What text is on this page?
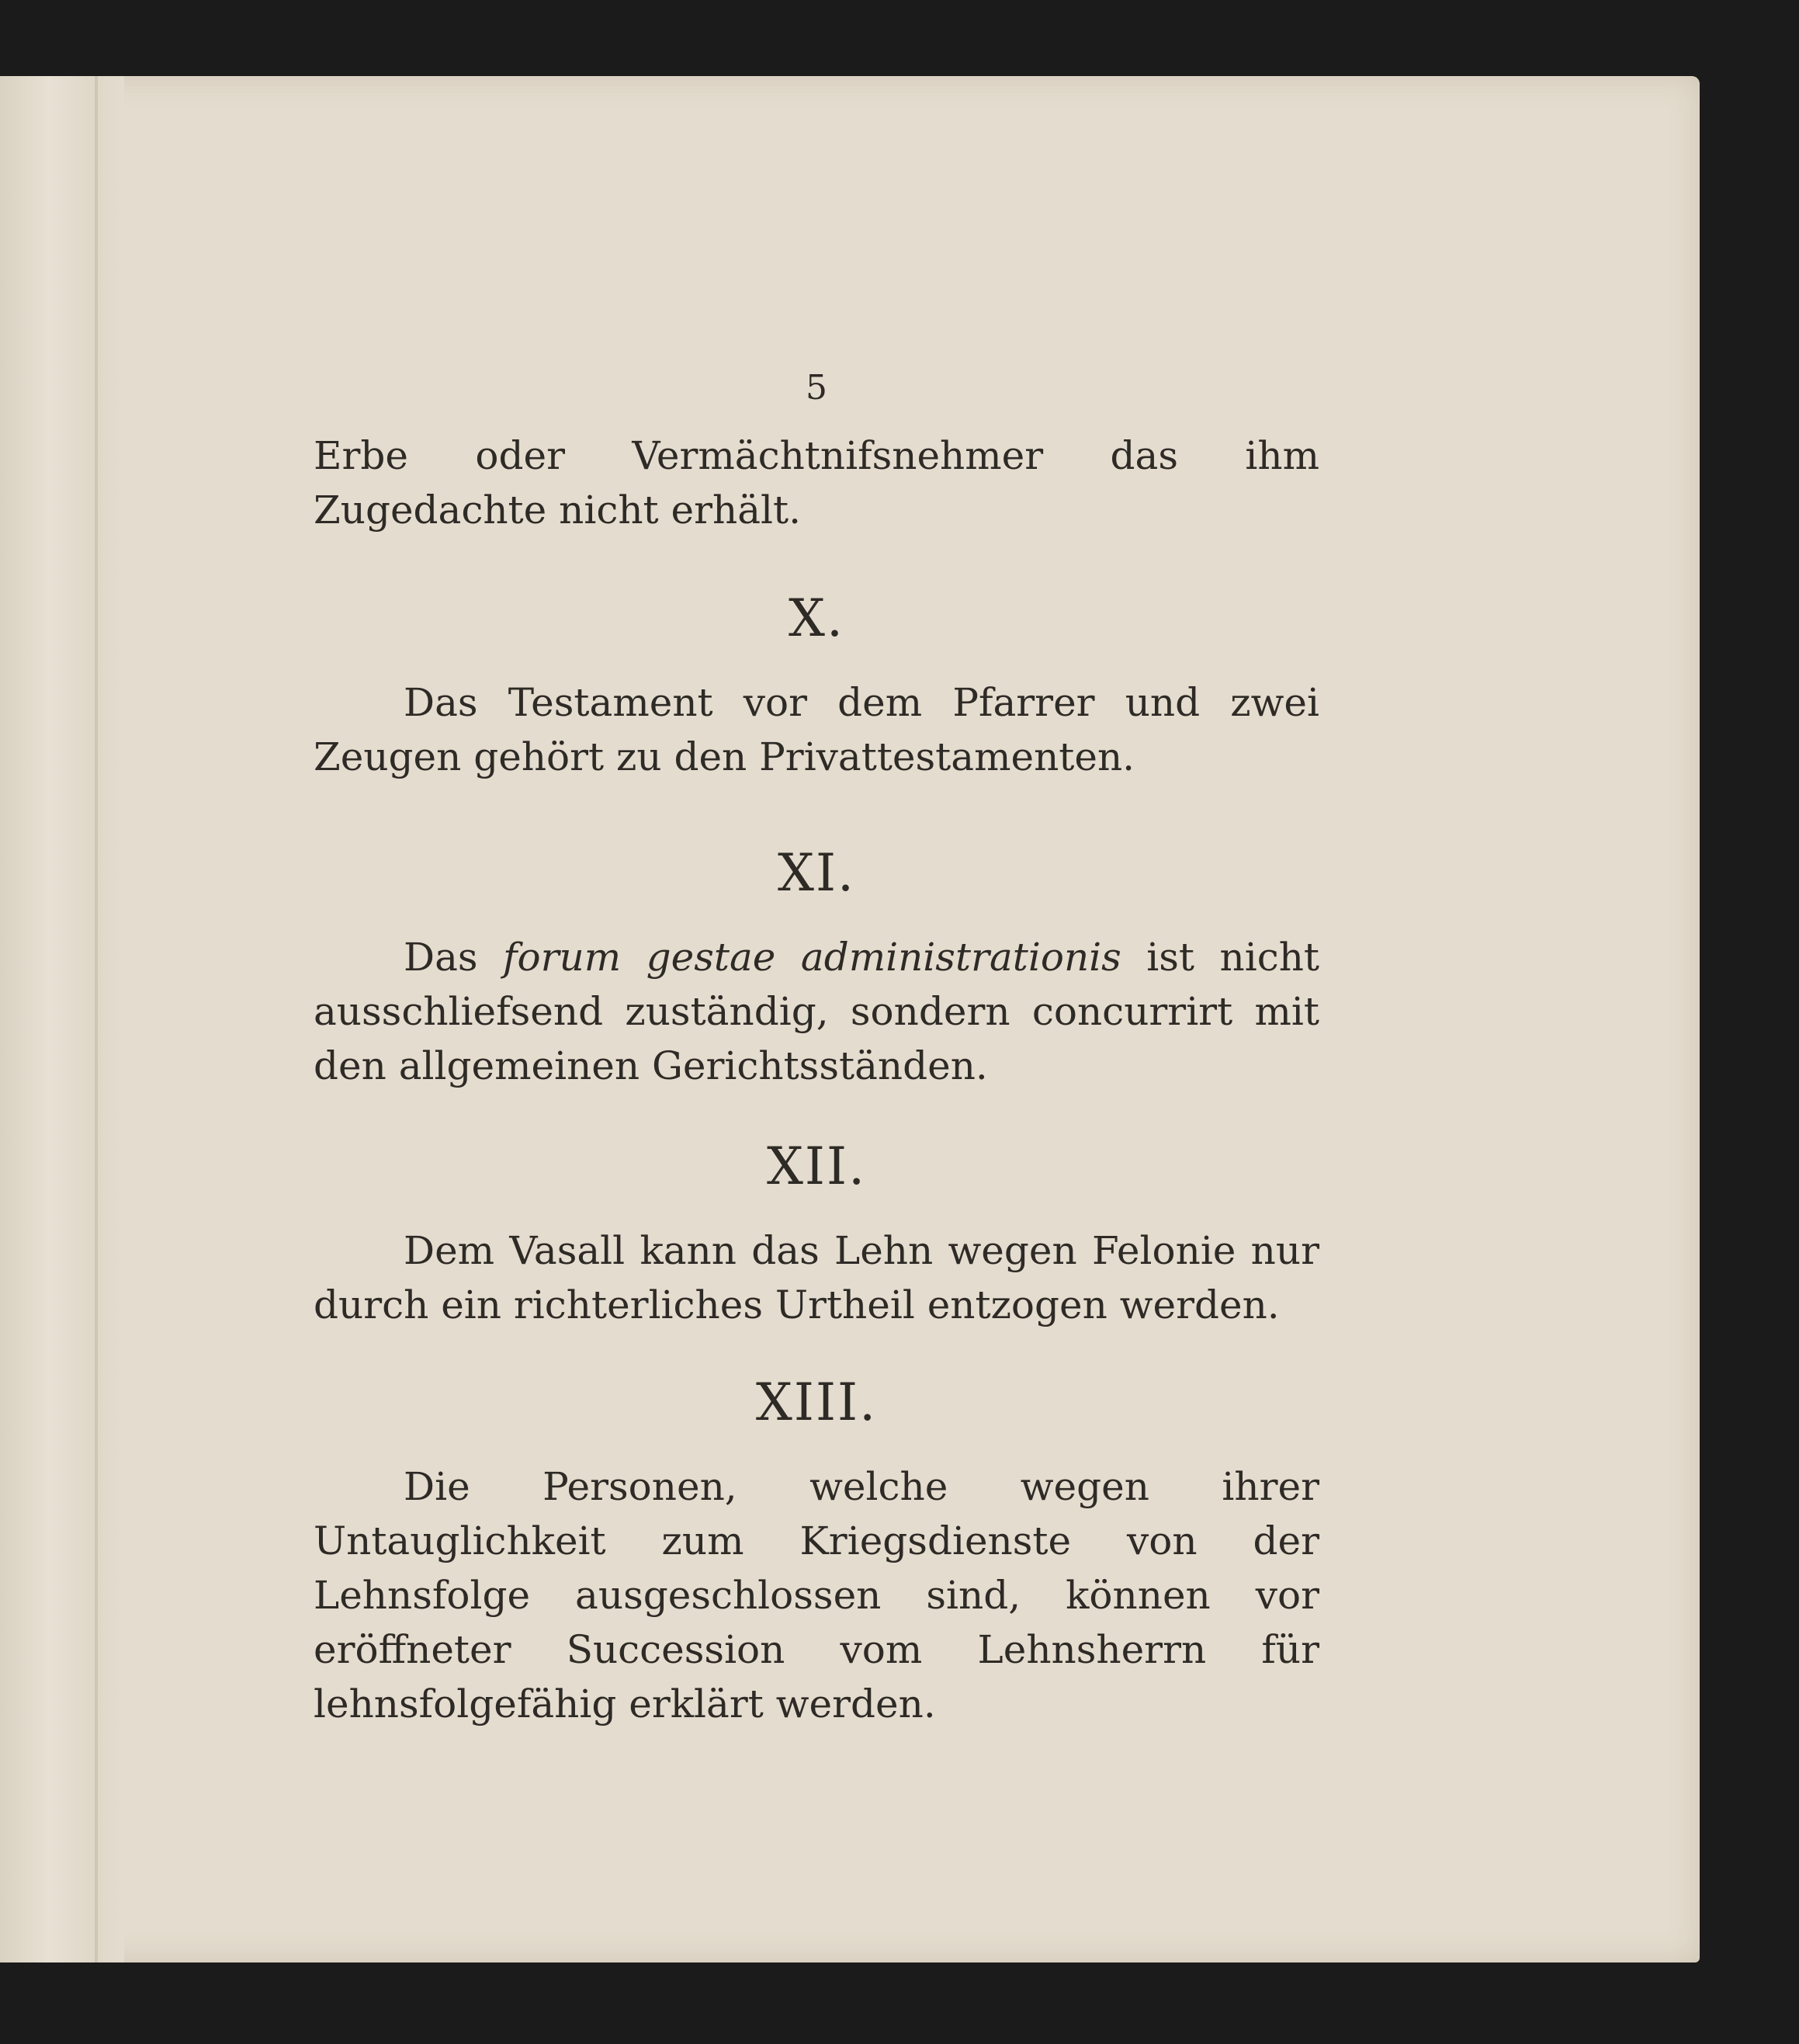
5

Erbe oder Vermächtnifsnehmer das ihm Zugedachte nicht erhält.

X.

Das Testament vor dem Pfarrer und zwei Zeugen gehört zu den Privattestamenten.

XI.

Das forum gestae administrationis ist nicht ausschliefsend zuständig, sondern concurrirt mit den allgemeinen Gerichtsständen.

XII.

Dem Vasall kann das Lehn wegen Felonie nur durch ein richterliches Urtheil entzogen werden.

XIII.

Die Personen, welche wegen ihrer Untauglichkeit zum Kriegsdienste von der Lehnsfolge ausgeschlossen sind, können vor eröffneter Succession vom Lehnsherrn für lehnsfolgefähig erklärt werden.
